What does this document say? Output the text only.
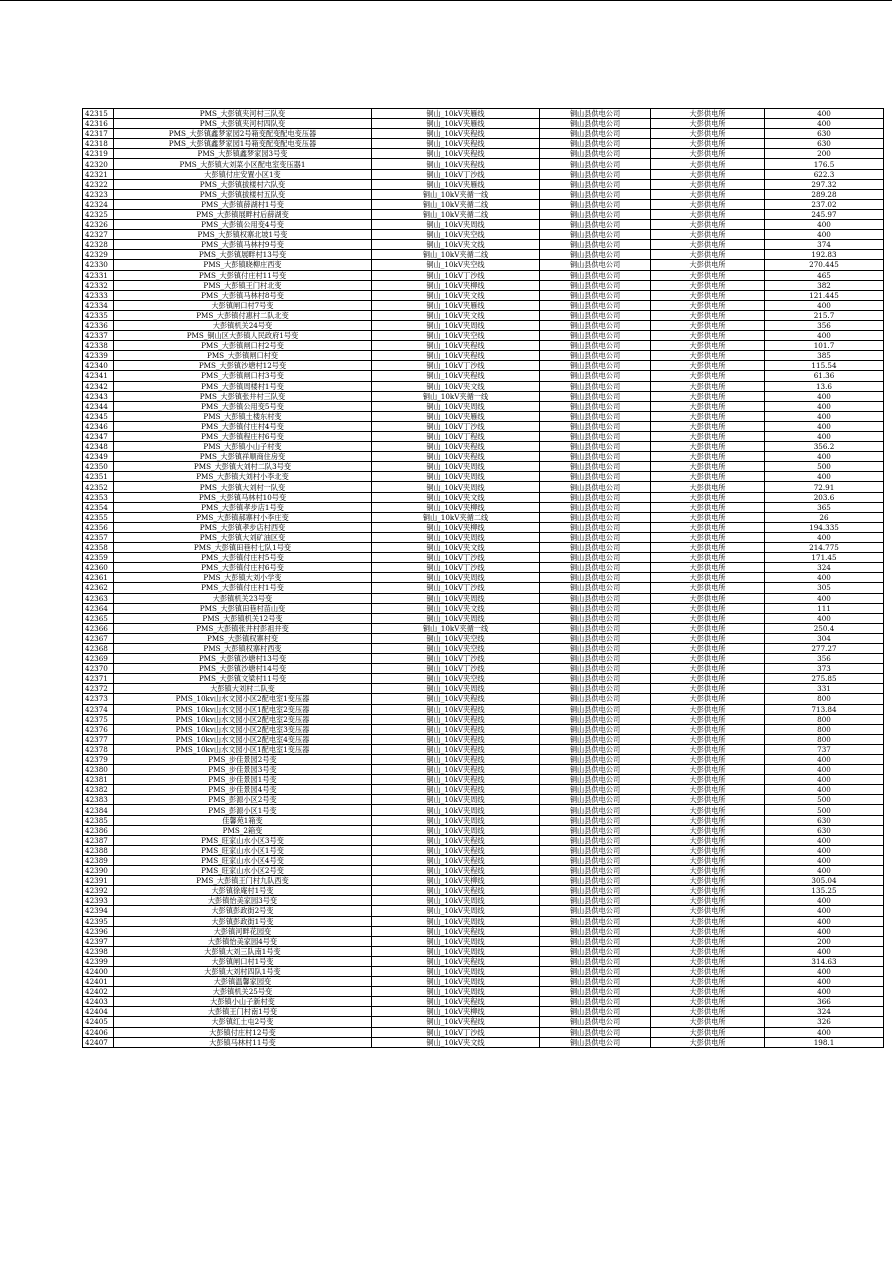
42315	PMS_大彭镇夹河村三队变	铜山_10kV夹雁线	铜山县供电公司	大彭供电所	400
42316	PMS_大彭镇夹河村四队变	铜山_10kV夹雁线	铜山县供电公司	大彭供电所	400
42317	PMS_大彭镇鑫梦家园2号箱变配变配电变压器	铜山_10kV夹程线	铜山县供电公司	大彭供电所	630
42318	PMS_大彭镇鑫梦家园1号箱变配变配电变压器	铜山_10kV夹程线	铜山县供电公司	大彭供电所	630
42319	PMS_大彭镇鑫梦家园3号变	铜山_10kV夹程线	铜山县供电公司	大彭供电所	200
42320	PMS_大彭镇大刘菜小区配电室变压器1	铜山_10kV夹程线	铜山县供电公司	大彭供电所	176.5
42321	大彭镇付庄安置小区1变	铜山_10kV丁沙线	铜山县供电公司	大彭供电所	622.3
42322	PMS_大彭镇拔楼村六队变	铜山_10kV夹雁线	铜山县供电公司	大彭供电所	297.32
42323	PMS_大彭镇拔楼村五队变	铜山_10kV夹循一线	铜山县供电公司	大彭供电所	289.28
42324	PMS_大彭镇薛湖村1号变	铜山_10kV夹循二线	铜山县供电公司	大彭供电所	237.02
42325	PMS_大彭镇展畔村后薛湖变	铜山_10kV夹循二线	铜山县供电公司	大彭供电所	245.97
42326	PMS_大彭镇公用变4号变	铜山_10kV夹周线	铜山县供电公司	大彭供电所	400
42327	PMS_大彭镇权寨北坡1号变	铜山_10kV夹空线	铜山县供电公司	大彭供电所	400
42328	PMS_大彭镇马林村9号变	铜山_10kV夹文线	铜山县供电公司	大彭供电所	374
42329	PMS_大彭镇展畔村13号变	铜山_10kV夹循二线	铜山县供电公司	大彭供电所	192.83
42330	PMS_大彭镇晓柳庄西变	铜山_10kV夹空线	铜山县供电公司	大彭供电所	270.445
42331	PMS_大彭镇付庄村11号变	铜山_10kV丁沙线	铜山县供电公司	大彭供电所	465
42332	PMS_大彭镇王门村北变	铜山_10kV夹柳线	铜山县供电公司	大彭供电所	382
42333	PMS_大彭镇马林村8号变	铜山_10kV夹文线	铜山县供电公司	大彭供电所	121.445
42334	大彭镇闸口村7号变	铜山_10kV夹雁线	铜山县供电公司	大彭供电所	400
42335	PMS_大彭镇付惠村二队北变	铜山_10kV夹文线	铜山县供电公司	大彭供电所	215.7
42336	大彭镇机关24号变	铜山_10kV夹周线	铜山县供电公司	大彭供电所	356
42337	PMS_铜山区大彭镇人民政府1号变	铜山_10kV夹空线	铜山县供电公司	大彭供电所	400
42338	PMS_大彭镇闸口村2号变	铜山_10kV夹程线	铜山县供电公司	大彭供电所	101.7
42339	PMS_大彭镇闸口村变	铜山_10kV夹程线	铜山县供电公司	大彭供电所	385
42340	PMS_大彭镇沙塘村12号变	铜山_10kV丁沙线	铜山县供电公司	大彭供电所	115.54
42341	PMS_大彭镇闸口村3号变	铜山_10kV夹程线	铜山县供电公司	大彭供电所	61.36
42342	PMS_大彭镇周楼村1号变	铜山_10kV夹文线	铜山县供电公司	大彭供电所	13.6
42343	PMS_大彭镇张井村三队变	铜山_10kV夹循一线	铜山县供电公司	大彭供电所	400
42344	PMS_大彭镇公用变5号变	铜山_10kV夹周线	铜山县供电公司	大彭供电所	400
42345	PMS_大彭镇土楼东村变	铜山_10kV夹雁线	铜山县供电公司	大彭供电所	400
42346	PMS_大彭镇付庄村4号变	铜山_10kV丁沙线	铜山县供电公司	大彭供电所	400
42347	PMS_大彭镇程庄村6号变	铜山_10kV丁程线	铜山县供电公司	大彭供电所	400
42348	PMS_大彭镇小山子村变	铜山_10kV夹程线	铜山县供电公司	大彭供电所	356.2
42349	PMS_大彭镇祥顺商住房变	铜山_10kV夹程线	铜山县供电公司	大彭供电所	400
42350	PMS_大彭镇大刘村二队3号变	铜山_10kV夹周线	铜山县供电公司	大彭供电所	500
42351	PMS_大彭镇大刘村小李北变	铜山_10kV夹周线	铜山县供电公司	大彭供电所	400
42352	PMS_大彭镇大刘村一队变	铜山_10kV夹周线	铜山县供电公司	大彭供电所	72.91
42353	PMS_大彭镇马林村10号变	铜山_10kV夹文线	铜山县供电公司	大彭供电所	203.6
42354	PMS_大彭镇孝步店1号变	铜山_10kV夹柳线	铜山县供电公司	大彭供电所	365
42355	PMS_大彭镇郝寨村小李庄变	铜山_10kV夹循二线	铜山县供电公司	大彭供电所	26
42356	PMS_大彭镇孝步店村西变	铜山_10kV夹柳线	铜山县供电公司	大彭供电所	194.335
42357	PMS_大彭镇大刘矿油区变	铜山_10kV夹周线	铜山县供电公司	大彭供电所	400
42358	PMS_大彭镇田巷村七队1号变	铜山_10kV夹文线	铜山县供电公司	大彭供电所	214.775
42359	PMS_大彭镇付庄村5号变	铜山_10kV丁沙线	铜山县供电公司	大彭供电所	171.45
42360	PMS_大彭镇付庄村6号变	铜山_10kV丁沙线	铜山县供电公司	大彭供电所	324
42361	PMS_大彭镇大刘小学变	铜山_10kV夹周线	铜山县供电公司	大彭供电所	400
42362	PMS_大彭镇付庄村1号变	铜山_10kV丁沙线	铜山县供电公司	大彭供电所	305
42363	大彭镇机关23号变	铜山_10kV夹周线	铜山县供电公司	大彭供电所	400
42364	PMS_大彭镇田巷村苗山变	铜山_10kV夹文线	铜山县供电公司	大彭供电所	111
42365	PMS_大彭镇机关12号变	铜山_10kV夹周线	铜山县供电公司	大彭供电所	400
42366	PMS_大彭镇张井村彭祖井变	铜山_10kV夹循一线	铜山县供电公司	大彭供电所	250.4
42367	PMS_大彭镇权寨村变	铜山_10kV夹空线	铜山县供电公司	大彭供电所	304
42368	PMS_大彭镇权寨村西变	铜山_10kV夹空线	铜山县供电公司	大彭供电所	277.27
42369	PMS_大彭镇沙塘村13号变	铜山_10kV丁沙线	铜山县供电公司	大彭供电所	356
42370	PMS_大彭镇沙塘村14号变	铜山_10kV丁沙线	铜山县供电公司	大彭供电所	373
42371	PMS_大彭镇文梁村11号变	铜山_10kV夹空线	铜山县供电公司	大彭供电所	275.85
42372	大彭镇大刘村二队变	铜山_10kV夹周线	铜山县供电公司	大彭供电所	331
42373	PMS_10kv山水文园小区2配电室1变压器	铜山_10kV夹程线	铜山县供电公司	大彭供电所	800
42374	PMS_10kv山水文园小区1配电室2变压器	铜山_10kV夹程线	铜山县供电公司	大彭供电所	713.84
42375	PMS_10kv山水文园小区2配电室2变压器	铜山_10kV夹程线	铜山县供电公司	大彭供电所	800
42376	PMS_10kv山水文园小区2配电室3变压器	铜山_10kV夹程线	铜山县供电公司	大彭供电所	800
42377	PMS_10kv山水文园小区2配电室4变压器	铜山_10kV夹程线	铜山县供电公司	大彭供电所	800
42378	PMS_10kv山水文园小区1配电室1变压器	铜山_10kV夹程线	铜山县供电公司	大彭供电所	737
42379	PMS_步佳景园2号变	铜山_10kV夹程线	铜山县供电公司	大彭供电所	400
42380	PMS_步佳景园3号变	铜山_10kV夹程线	铜山县供电公司	大彭供电所	400
42381	PMS_步佳景园1号变	铜山_10kV夹程线	铜山县供电公司	大彭供电所	400
42382	PMS_步佳景园4号变	铜山_10kV夹程线	铜山县供电公司	大彭供电所	400
42383	PMS_彭源小区2号变	铜山_10kV夹周线	铜山县供电公司	大彭供电所	500
42384	PMS_彭源小区1号变	铜山_10kV夹周线	铜山县供电公司	大彭供电所	500
42385	佳馨苑1箱变	铜山_10kV夹周线	铜山县供电公司	大彭供电所	630
42386	PMS_2箱变	铜山_10kV夹周线	铜山县供电公司	大彭供电所	630
42387	PMS_旺家山水小区3号变	铜山_10kV夹程线	铜山县供电公司	大彭供电所	400
42388	PMS_旺家山水小区1号变	铜山_10kV夹程线	铜山县供电公司	大彭供电所	400
42389	PMS_旺家山水小区4号变	铜山_10kV夹程线	铜山县供电公司	大彭供电所	400
42390	PMS_旺家山水小区2号变	铜山_10kV夹程线	铜山县供电公司	大彭供电所	400
42391	PMS_大彭镇王门村九队西变	铜山_10kV夹柳线	铜山县供电公司	大彭供电所	305.04
42392	大彭镇徐庵村1号变	铜山_10kV夹程线	铜山县供电公司	大彭供电所	135.25
42393	大彭镇怡美家园3号变	铜山_10kV夹周线	铜山县供电公司	大彭供电所	400
42394	大彭镇彭政街2号变	铜山_10kV夹周线	铜山县供电公司	大彭供电所	400
42395	大彭镇彭政街1号变	铜山_10kV夹周线	铜山县供电公司	大彭供电所	400
42396	大彭镇河畔花园变	铜山_10kV夹程线	铜山县供电公司	大彭供电所	400
42397	大彭镇怡美家园4号变	铜山_10kV夹周线	铜山县供电公司	大彭供电所	200
42398	大彭镇大刘三队南1号变	铜山_10kV夹周线	铜山县供电公司	大彭供电所	400
42399	大彭镇闸口村1号变	铜山_10kV夹程线	铜山县供电公司	大彭供电所	314.63
42400	大彭镇大刘村四队1号变	铜山_10kV夹周线	铜山县供电公司	大彭供电所	400
42401	大彭镇温馨家园变	铜山_10kV夹周线	铜山县供电公司	大彭供电所	400
42402	大彭镇机关25号变	铜山_10kV夹周线	铜山县供电公司	大彭供电所	400
42403	大彭镇小山子新村变	铜山_10kV夹程线	铜山县供电公司	大彭供电所	366
42404	大彭镇王门村南1号变	铜山_10kV夹柳线	铜山县供电公司	大彭供电所	324
42405	大彭镇红土屯2号变	铜山_10kV夹程线	铜山县供电公司	大彭供电所	326
42406	大彭镇付庄村12号变	铜山_10kV丁沙线	铜山县供电公司	大彭供电所	400
42407	大彭镇马林村11号变	铜山_10kV夹文线	铜山县供电公司	大彭供电所	198.1
